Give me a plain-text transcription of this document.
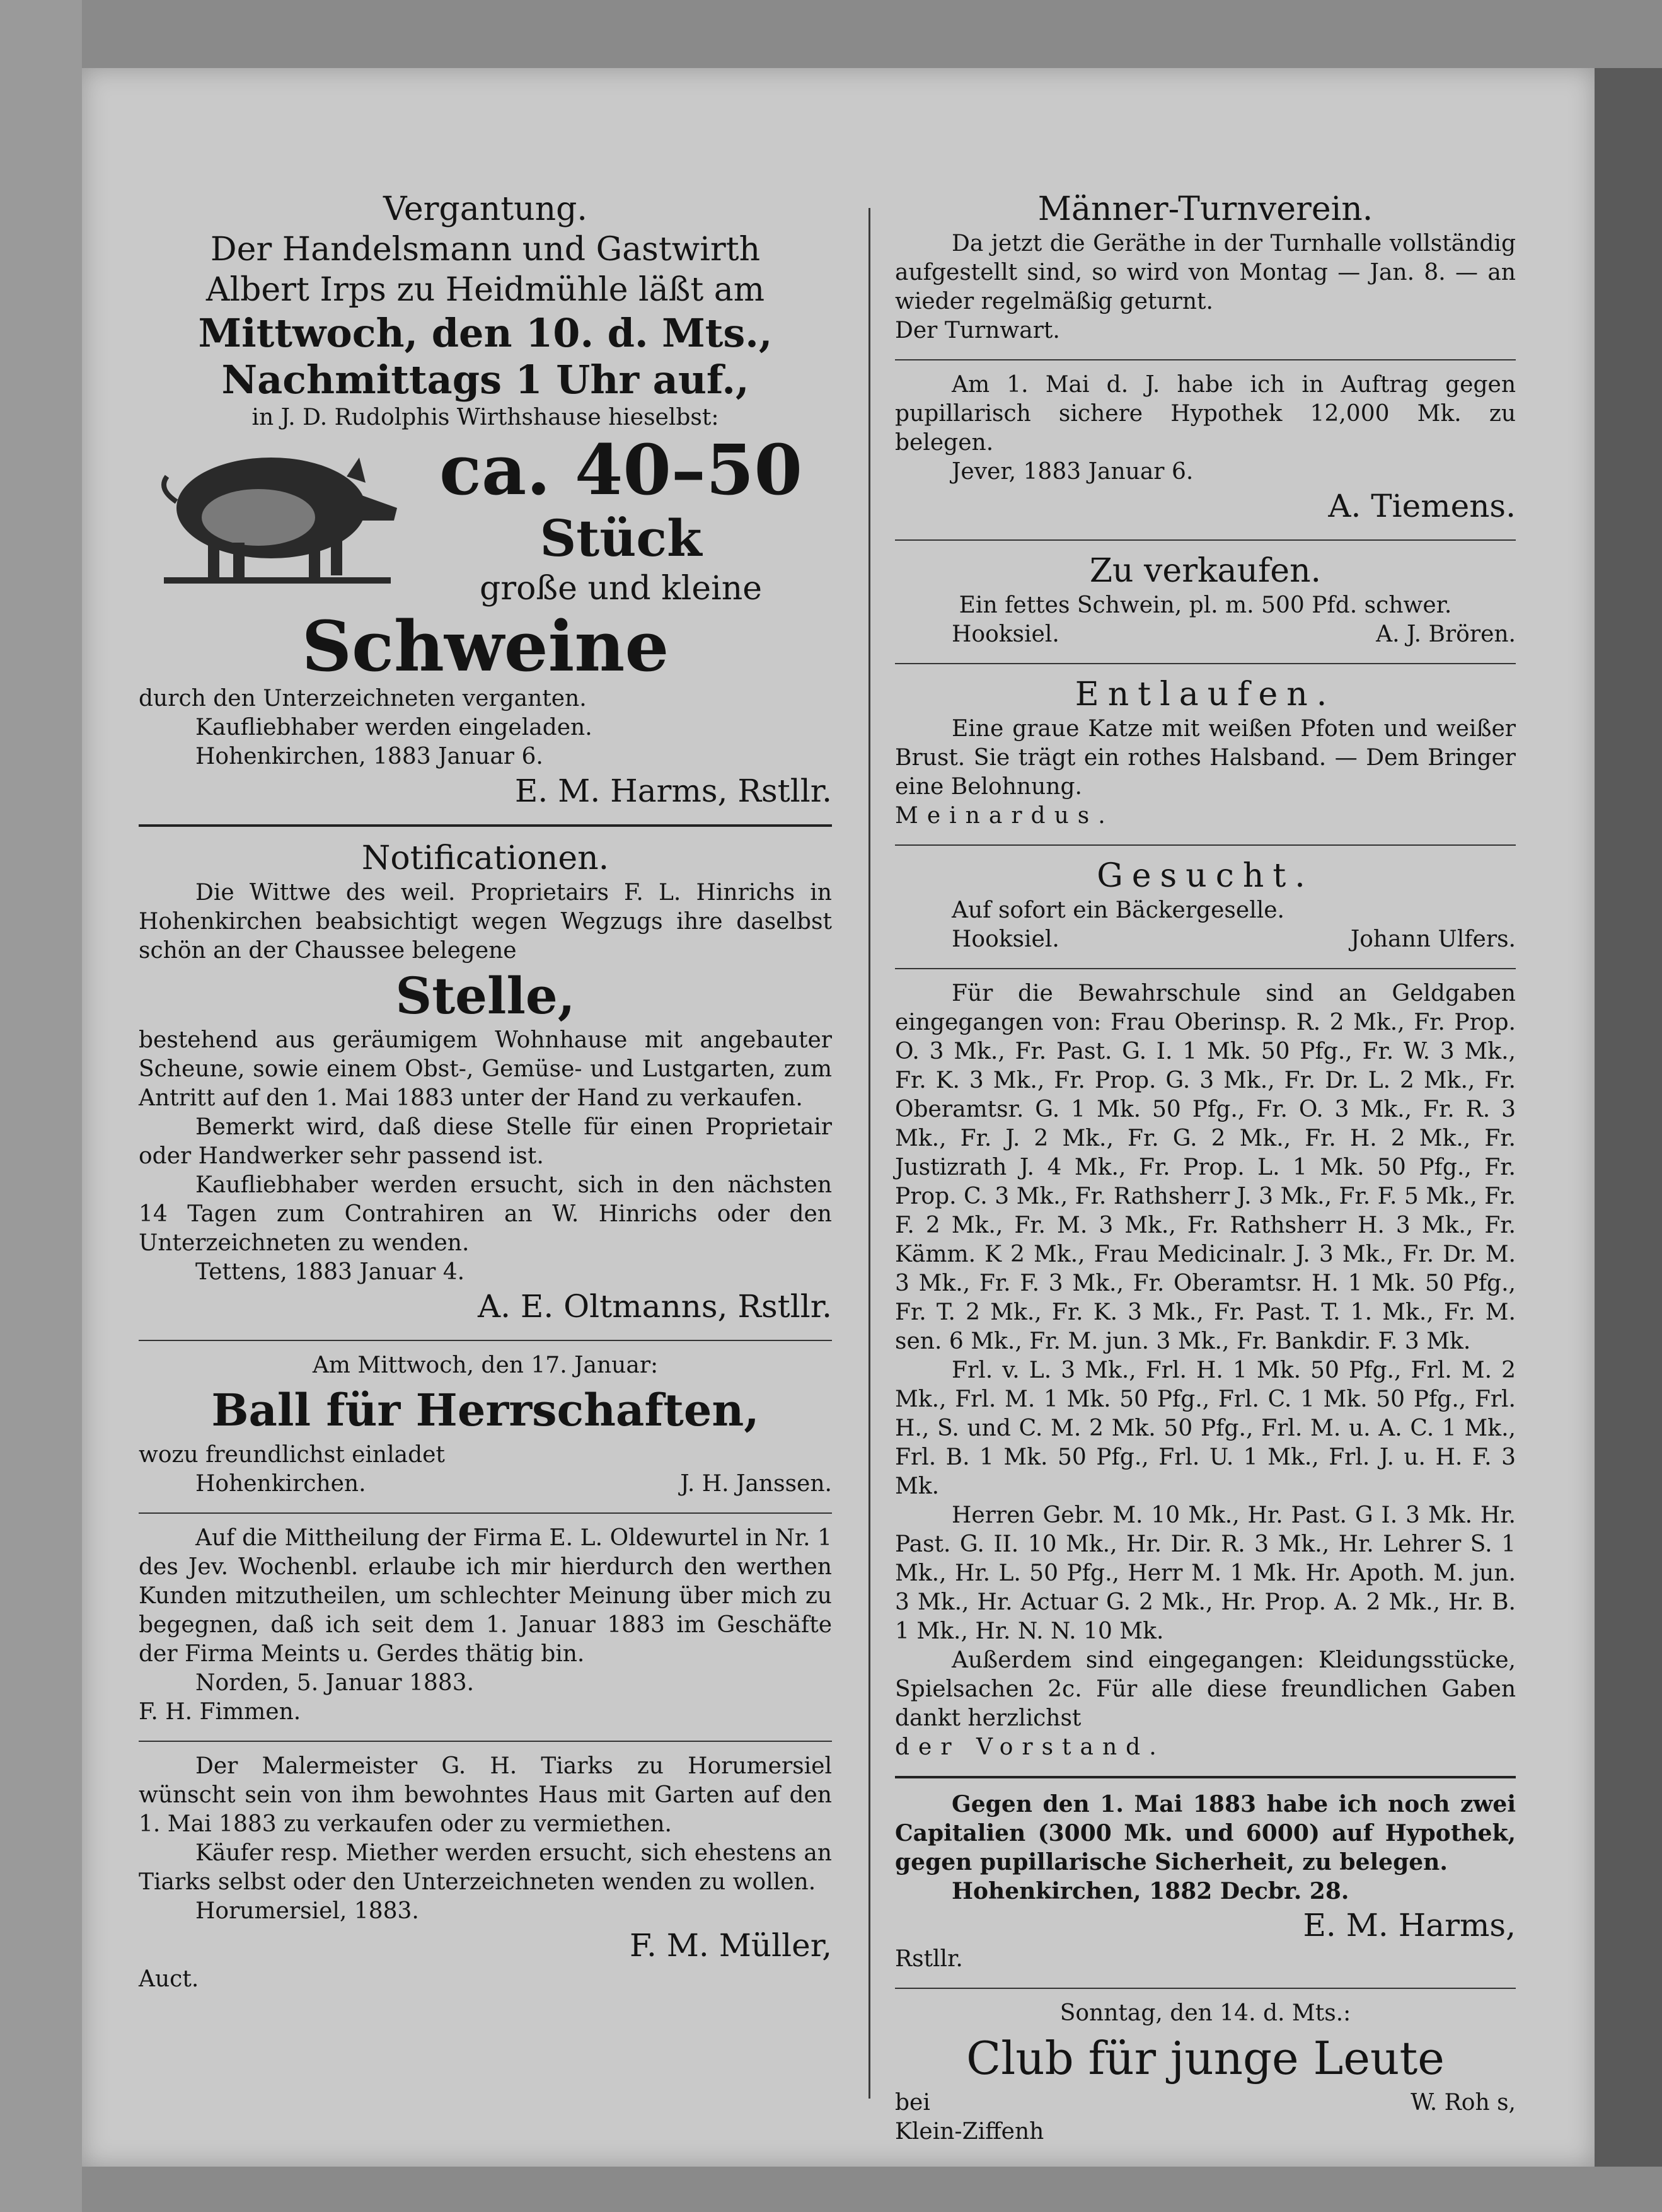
Vergantung.
Der Handelsmann und Gastwirth
Albert Irps zu Heidmühle läßt am
Mittwoch, den 10. d. Mts.,
Nachmittags 1 Uhr auf.,
in J. D. Rudolphis Wirthshause hieselbst:
ca. 40–50
Stück
große und kleine
Schweine
durch den Unterzeichneten verganten.
Kaufliebhaber werden eingeladen.
Hohenkirchen, 1883 Januar 6.
E. M. Harms, Rstllr.
Notificationen.

Die Wittwe des weil. Proprietairs F. L. Hinrichs in Hohenkirchen beabsichtigt wegen Wegzugs ihre daselbst schön an der Chaussee belegene

Stelle,

bestehend aus geräumigem Wohnhause mit angebauter Scheune, sowie einem Obst-, Gemüse- und Lustgarten, zum Antritt auf den 1. Mai 1883 unter der Hand zu verkaufen.

Bemerkt wird, daß diese Stelle für einen Proprietair oder Handwerker sehr passend ist.

Kaufliebhaber werden ersucht, sich in den nächsten 14 Tagen zum Contrahiren an W. Hinrichs oder den Unterzeichneten zu wenden.

Tettens, 1883 Januar 4.

A. E. Oltmanns, Rstllr.
Am Mittwoch, den 17. Januar:
Ball für Herrschaften,
wozu freundlichst einladet
Hohenkirchen.	J. H. Janssen.

Auf die Mittheilung der Firma E. L. Oldewurtel in Nr. 1 des Jev. Wochenbl. erlaube ich mir hierdurch den werthen Kunden mitzutheilen, um schlechter Meinung über mich zu begegnen, daß ich seit dem 1. Januar 1883 im Geschäfte der Firma Meints u. Gerdes thätig bin.

Norden, 5. Januar 1883.

F. H. Fimmen.

Der Malermeister G. H. Tiarks zu Horumersiel wünscht sein von ihm bewohntes Haus mit Garten auf den 1. Mai 1883 zu verkaufen oder zu vermiethen.

Käufer resp. Miether werden ersucht, sich ehestens an Tiarks selbst oder den Unterzeichneten wenden zu wollen.

Horumersiel, 1883.

F. M. Müller,
Auct.
Männer-Turnverein.

Da jetzt die Geräthe in der Turnhalle vollständig aufgestellt sind, so wird von Montag — Jan. 8. — an wieder regelmäßig geturnt.

Der Turnwart.

Am 1. Mai d. J. habe ich in Auftrag gegen pupillarisch sichere Hypothek 12,000 Mk. zu belegen.

Jever, 1883 Januar 6.

A. Tiemens.
Zu verkaufen.
Ein fettes Schwein, pl. m. 500 Pfd. schwer.
Hooksiel.	A. J. Brören.
Entlaufen.

Eine graue Katze mit weißen Pfoten und weißer Brust. Sie trägt ein rothes Halsband. — Dem Bringer eine Belohnung.

Meinardus.
Gesucht.

Auf sofort ein Bäckergeselle.

Hooksiel.	Johann Ulfers.

Für die Bewahrschule sind an Geldgaben eingegangen von: Frau Oberinsp. R. 2 Mk., Fr. Prop. O. 3 Mk., Fr. Past. G. I. 1 Mk. 50 Pfg., Fr. W. 3 Mk., Fr. K. 3 Mk., Fr. Prop. G. 3 Mk., Fr. Dr. L. 2 Mk., Fr. Oberamtsr. G. 1 Mk. 50 Pfg., Fr. O. 3 Mk., Fr. R. 3 Mk., Fr. J. 2 Mk., Fr. G. 2 Mk., Fr. H. 2 Mk., Fr. Justizrath J. 4 Mk., Fr. Prop. L. 1 Mk. 50 Pfg., Fr. Prop. C. 3 Mk., Fr. Rathsherr J. 3 Mk., Fr. F. 5 Mk., Fr. F. 2 Mk., Fr. M. 3 Mk., Fr. Rathsherr H. 3 Mk., Fr. Kämm. K 2 Mk., Frau Medicinalr. J. 3 Mk., Fr. Dr. M. 3 Mk., Fr. F. 3 Mk., Fr. Oberamtsr. H. 1 Mk. 50 Pfg., Fr. T. 2 Mk., Fr. K. 3 Mk., Fr. Past. T. 1. Mk., Fr. M. sen. 6 Mk., Fr. M. jun. 3 Mk., Fr. Bankdir. F. 3 Mk.

Frl. v. L. 3 Mk., Frl. H. 1 Mk. 50 Pfg., Frl. M. 2 Mk., Frl. M. 1 Mk. 50 Pfg., Frl. C. 1 Mk. 50 Pfg., Frl. H., S. und C. M. 2 Mk. 50 Pfg., Frl. M. u. A. C. 1 Mk., Frl. B. 1 Mk. 50 Pfg., Frl. U. 1 Mk., Frl. J. u. H. F. 3 Mk.

Herren Gebr. M. 10 Mk., Hr. Past. G I. 3 Mk. Hr. Past. G. II. 10 Mk., Hr. Dir. R. 3 Mk., Hr. Lehrer S. 1 Mk., Hr. L. 50 Pfg., Herr M. 1 Mk. Hr. Apoth. M. jun. 3 Mk., Hr. Actuar G. 2 Mk., Hr. Prop. A. 2 Mk., Hr. B. 1 Mk., Hr. N. N. 10 Mk.

Außerdem sind eingegangen: Kleidungsstücke, Spielsachen 2c. Für alle diese freundlichen Gaben dankt herzlichst

der Vorstand.

Gegen den 1. Mai 1883 habe ich noch zwei Capitalien (3000 Mk. und 6000) auf Hypothek, gegen pupillarische Sicherheit, zu belegen.

Hohenkirchen, 1882 Decbr. 28.

E. M. Harms,
Rstllr.
Sonntag, den 14. d. Mts.:
Club für junge Leute
bei	W. Roh s,
Klein-Ziffenh
